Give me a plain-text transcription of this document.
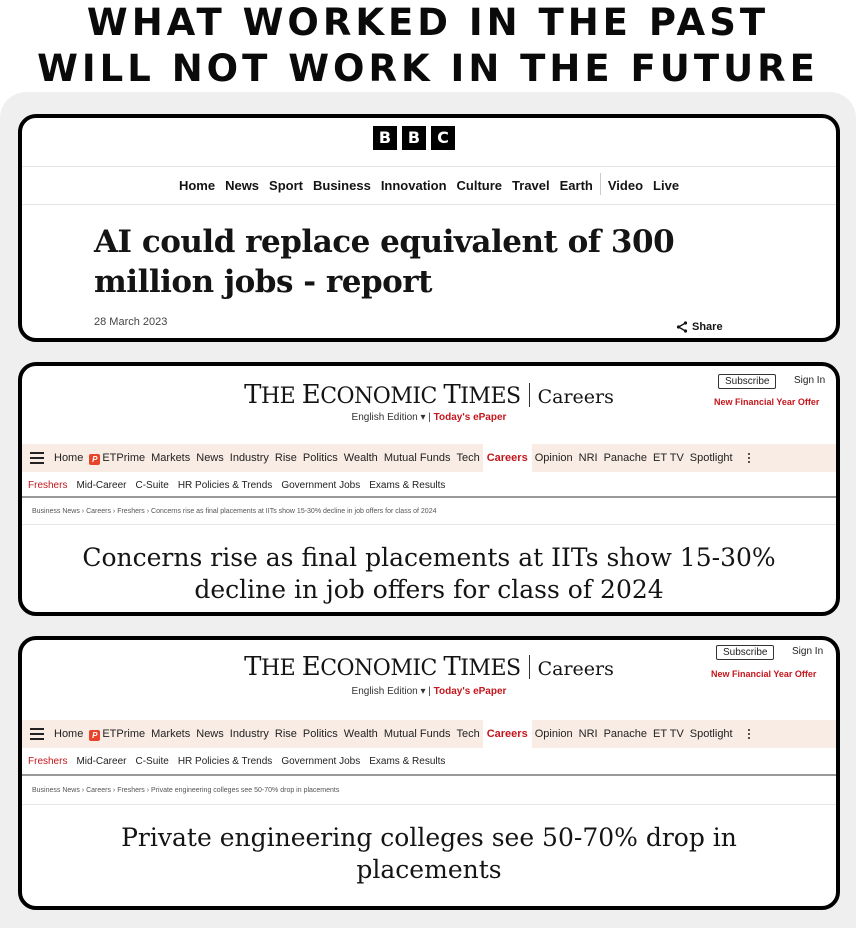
WHAT WORKED IN THE PAST
WILL NOT WORK IN THE FUTURE
B	B	C
Home News Sport Business Innovation Culture Travel Earth Video Live
AI could replace equivalent of 300 million jobs - report
28 March 2023	Share
THE ECONOMIC TIMES Careers
English Edition ▾ | Today's ePaper
Subscribe	Sign In
New Financial Year Offer
Home	P ETPrime Markets News Industry Rise Politics Wealth Mutual Funds Tech Careers Opinion NRI Panache ET TV Spotlight
Freshers Mid-Career C-Suite HR Policies & Trends Government Jobs Exams & Results
Business News › Careers › Freshers › Concerns rise as final placements at IITs show 15-30% decline in job offers for class of 2024
Concerns rise as final placements at IITs show 15-30% decline in job offers for class of 2024
THE ECONOMIC TIMES Careers
English Edition ▾ | Today's ePaper
Subscribe	Sign In
New Financial Year Offer
Home	P ETPrime Markets News Industry Rise Politics Wealth Mutual Funds Tech Careers Opinion NRI Panache ET TV Spotlight
Freshers Mid-Career C-Suite HR Policies & Trends Government Jobs Exams & Results
Business News › Careers › Freshers › Private engineering colleges see 50-70% drop in placements
Private engineering colleges see 50-70% drop in placements
